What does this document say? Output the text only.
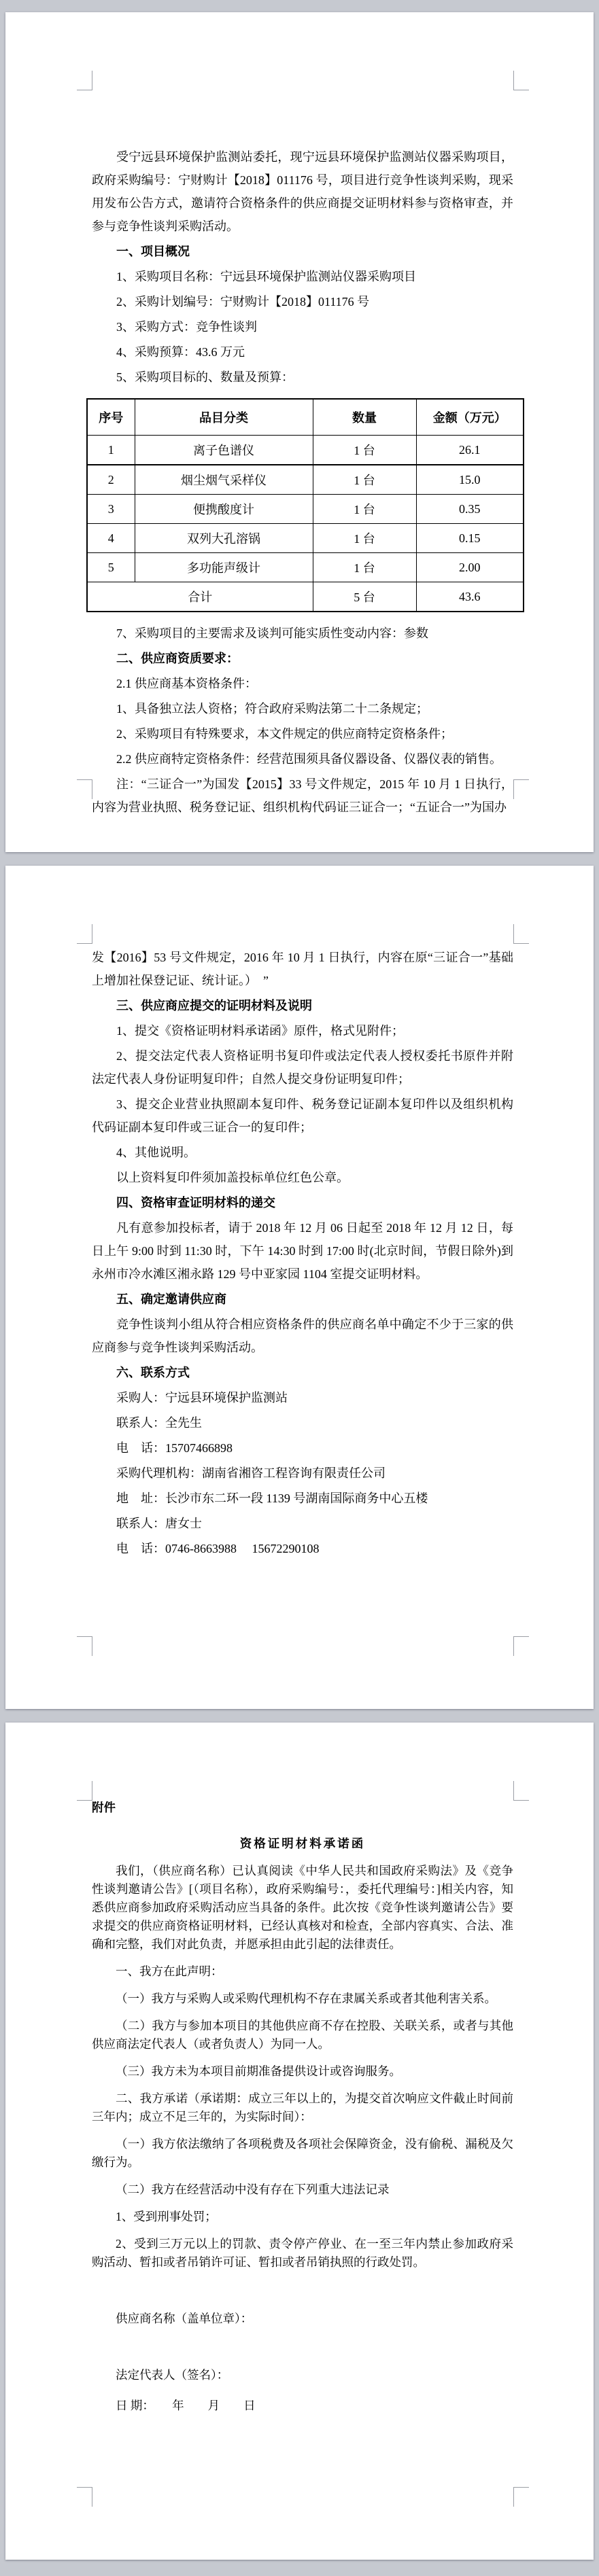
受宁远县环境保护监测站委托，现宁远县环境保护监测站仪器采购项目，政府采购编号：宁财购计【2018】011176 号，项目进行竞争性谈判采购，现采用发布公告方式，邀请符合资格条件的供应商提交证明材料参与资格审查，并参与竞争性谈判采购活动。

一、项目概况

1、采购项目名称：宁远县环境保护监测站仪器采购项目

2、采购计划编号：宁财购计【2018】011176 号

3、采购方式：竞争性谈判

4、采购预算：43.6 万元

5、采购项目标的、数量及预算：

序号	品目分类	数量	金额（万元）
1	离子色谱仪	1 台	26.1
2	烟尘烟气采样仪	1 台	15.0
3	便携酸度计	1 台	0.35
4	双列大孔溶锅	1 台	0.15
5	多功能声级计	1 台	2.00
合计		5 台	43.6

7、采购项目的主要需求及谈判可能实质性变动内容：参数

二、供应商资质要求：

2.1 供应商基本资格条件：

1、具备独立法人资格；符合政府采购法第二十二条规定；

2、采购项目有特殊要求，本文件规定的供应商特定资格条件；

2.2 供应商特定资格条件：经营范围须具备仪器设备、仪器仪表的销售。

注：“三证合一”为国发【2015】33 号文件规定，2015 年 10 月 1 日执行，内容为营业执照、税务登记证、组织机构代码证三证合一；“五证合一”为国办

发【2016】53 号文件规定，2016 年 10 月 1 日执行，内容在原“三证合一”基础上增加社保登记证、统计证。）　”

三、供应商应提交的证明材料及说明

1、提交《资格证明材料承诺函》原件，格式见附件；

2、提交法定代表人资格证明书复印件或法定代表人授权委托书原件并附法定代表人身份证明复印件；自然人提交身份证明复印件；

3、提交企业营业执照副本复印件、税务登记证副本复印件以及组织机构代码证副本复印件或三证合一的复印件；

4、其他说明。

以上资料复印件须加盖投标单位红色公章。

四、资格审查证明材料的递交

凡有意参加投标者，请于 2018 年 12 月 06 日起至 2018 年 12 月 12 日，每日上午 9:00 时到 11:30 时，下午 14:30 时到 17:00 时(北京时间，节假日除外)到永州市冷水滩区湘永路 129 号中亚家园 1104 室提交证明材料。

五、确定邀请供应商

竞争性谈判小组从符合相应资格条件的供应商名单中确定不少于三家的供应商参与竞争性谈判采购活动。

六、联系方式

采购人：宁远县环境保护监测站

联系人：全先生

电　话：15707466898

采购代理机构：湖南省湘咨工程咨询有限责任公司

地　址：长沙市东二环一段 1139 号湖南国际商务中心五楼

联系人：唐女士

电　话：0746-8663988　 15672290108

附件

资格证明材料承诺函

我们，（供应商名称）已认真阅读《中华人民共和国政府采购法》及《竞争性谈判邀请公告》[（项目名称），政府采购编号：，委托代理编号：]相关内容，知悉供应商参加政府采购活动应当具备的条件。此次按《竞争性谈判邀请公告》要求提交的供应商资格证明材料，已经认真核对和检查，全部内容真实、合法、准确和完整，我们对此负责，并愿承担由此引起的法律责任。

一、我方在此声明：

（一）我方与采购人或采购代理机构不存在隶属关系或者其他利害关系。

（二）我方与参加本项目的其他供应商不存在控股、关联关系，或者与其他供应商法定代表人（或者负责人）为同一人。

（三）我方未为本项目前期准备提供设计或咨询服务。

二、我方承诺（承诺期：成立三年以上的，为提交首次响应文件截止时间前三年内；成立不足三年的，为实际时间）：

（一）我方依法缴纳了各项税费及各项社会保障资金，没有偷税、漏税及欠缴行为。

（二）我方在经营活动中没有存在下列重大违法记录

1、受到刑事处罚；

2、受到三万元以上的罚款、责令停产停业、在一至三年内禁止参加政府采购活动、暂扣或者吊销许可证、暂扣或者吊销执照的行政处罚。

供应商名称（盖单位章）：

法定代表人（签名）：

日 期：　　年　　月　　日
